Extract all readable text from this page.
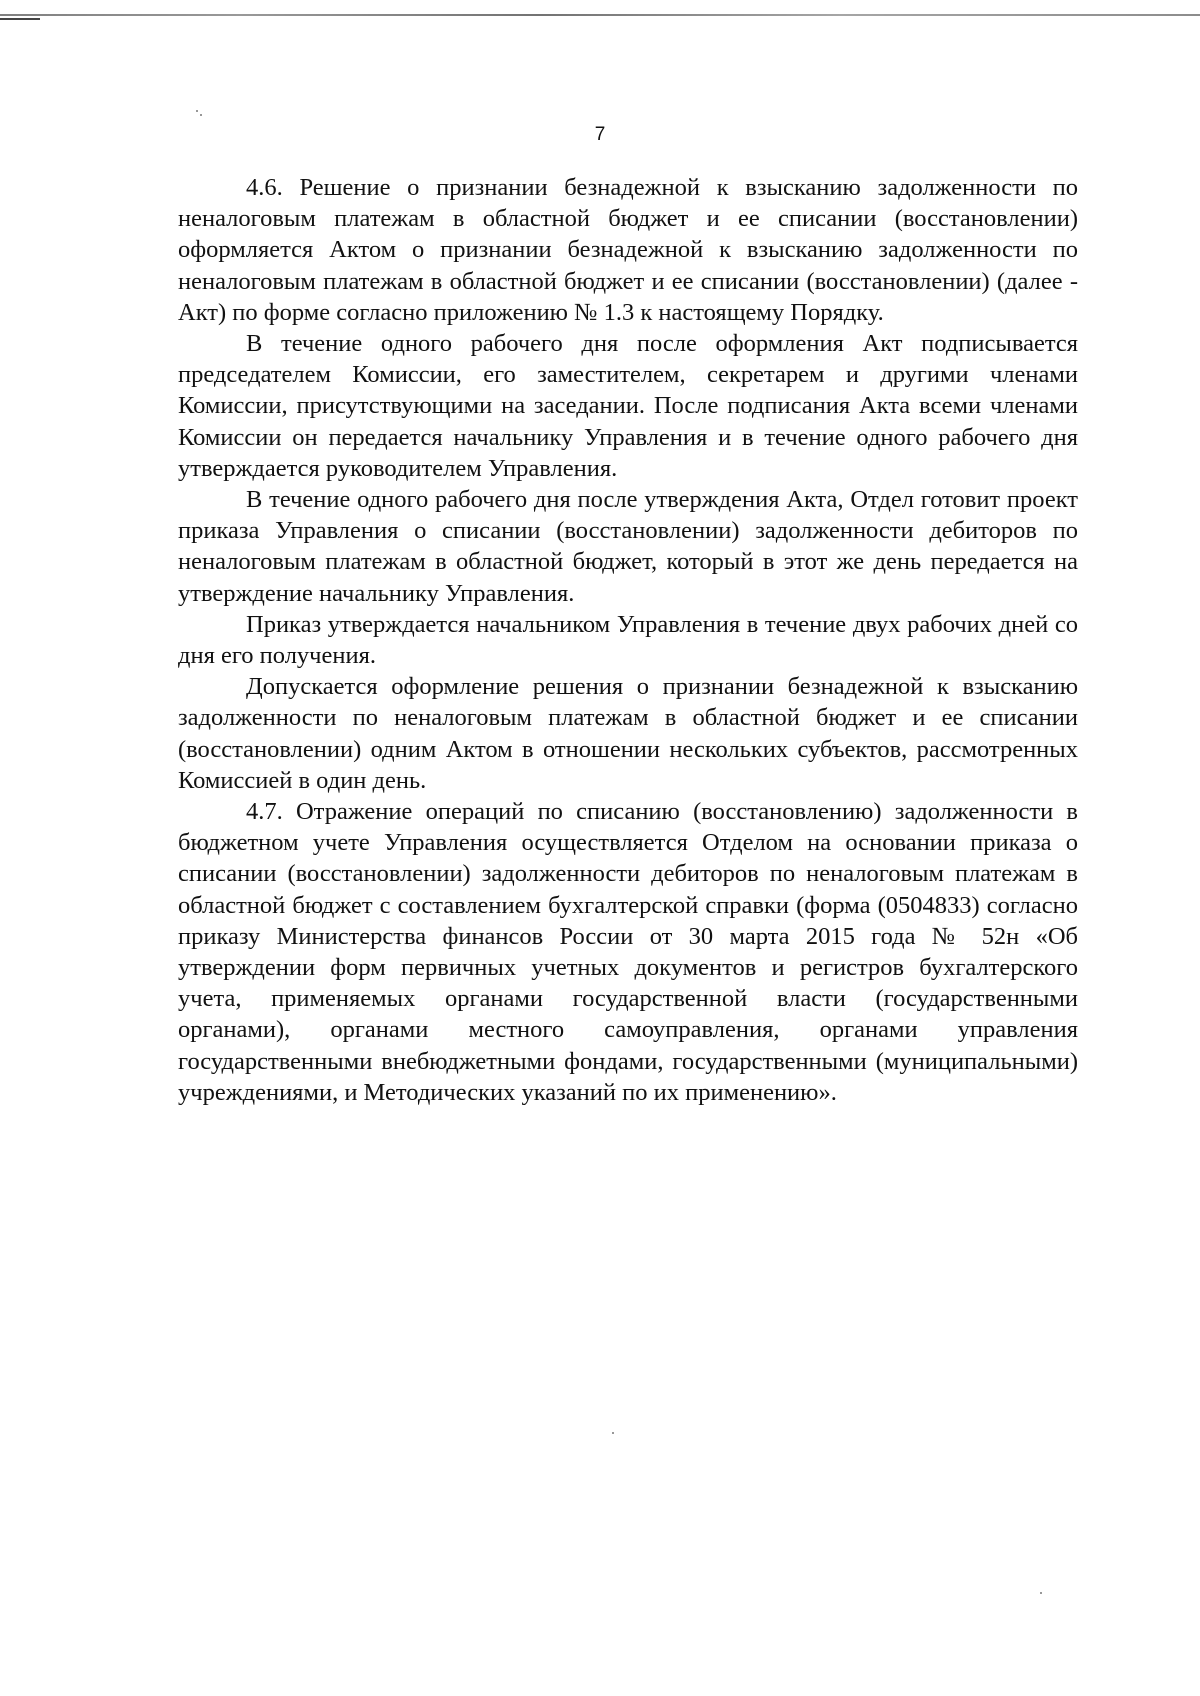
7

4.6. Решение о признании безнадежной к взысканию задолженности по неналоговым платежам в областной бюджет и ее списании (восстановлении) оформляется Актом о признании безнадежной к взысканию задолженности по неналоговым платежам в областной бюджет и ее списании (восстановлении) (далее - Акт) по форме согласно приложению № 1.3 к настоящему Порядку.

В течение одного рабочего дня после оформления Акт подписывается председателем Комиссии, его заместителем, секретарем и другими членами Комиссии, присутствующими на заседании. После подписания Акта всеми членами Комиссии он передается начальнику Управления и в течение одного рабочего дня утверждается руководителем Управления.

В течение одного рабочего дня после утверждения Акта, Отдел готовит проект приказа Управления о списании (восстановлении) задолженности дебиторов по неналоговым платежам в областной бюджет, который в этот же день передается на утверждение начальнику Управления.

Приказ утверждается начальником Управления в течение двух рабочих дней со дня его получения.

Допускается оформление решения о признании безнадежной к взысканию задолженности по неналоговым платежам в областной бюджет и ее списании (восстановлении) одним Актом в отношении нескольких субъектов, рассмотренных Комиссией в один день.

4.7. Отражение операций по списанию (восстановлению) задолженности в бюджетном учете Управления осуществляется Отделом на основании приказа о списании (восстановлении) задолженности дебиторов по неналоговым платежам в областной бюджет с составлением бухгалтерской справки (форма (0504833) согласно приказу Министерства финансов России от 30 марта 2015 года № 52н «Об утверждении форм первичных учетных документов и регистров бухгалтерского учета, применяемых органами государственной власти (государственными органами), органами местного самоуправления, органами управления государственными внебюджетными фондами, государственными (муниципальными) учреждениями, и Методических указаний по их применению».
